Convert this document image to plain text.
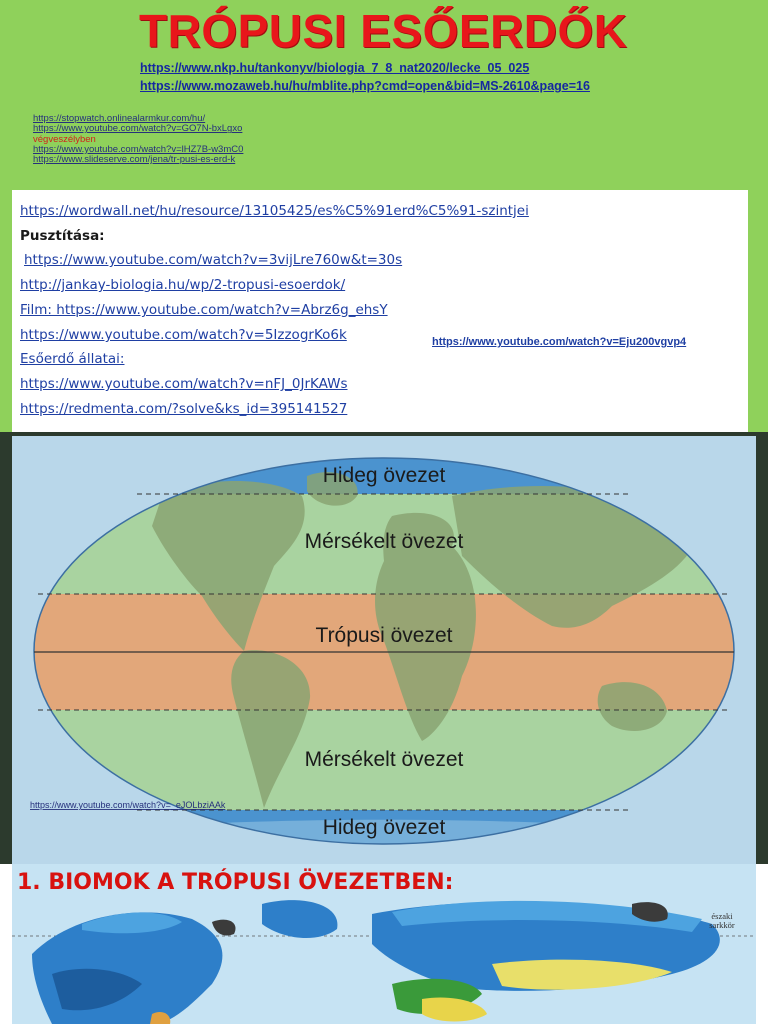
TRÓPUSI ESŐERDŐK
https://www.nkp.hu/tankonyv/biologia_7_8_nat2020/lecke_05_025
https://www.mozaweb.hu/hu/mblite.php?cmd=open&bid=MS-2610&page=16
https://stopwatch.onlinealarmkur.com/hu/
https://www.youtube.com/watch?v=GO7N-bxLgxo
végveszélyben
https://www.youtube.com/watch?v=lHZ7B-w3mC0
https://www.slideserve.com/jena/tr-pusi-es-erd-k
https://wordwall.net/hu/resource/13105425/es%C5%91erd%C5%91-szintjei
Pusztítása:
https://www.youtube.com/watch?v=3vijLre760w&t=30s
http://jankay-biologia.hu/wp/2-tropusi-esoerdok/
Film: https://www.youtube.com/watch?v=Abrz6g_ehsY
https://www.youtube.com/watch?v=5IzzogrKo6k
Esőerdő állatai:
https://www.youtube.com/watch?v=nFJ_0JrKAWs
https://redmenta.com/?solve&ks_id=395141527
https://www.youtube.com/watch?v=Eju200vgvp4
Hideg övezet
Mérsékelt övezet
Trópusi övezet
Mérsékelt övezet
Hideg övezet
https://www.youtube.com/watch?v=_eJOLbziAAk
1. BIOMOK A TRÓPUSI ÖVEZETBEN:
északi sarkkör
